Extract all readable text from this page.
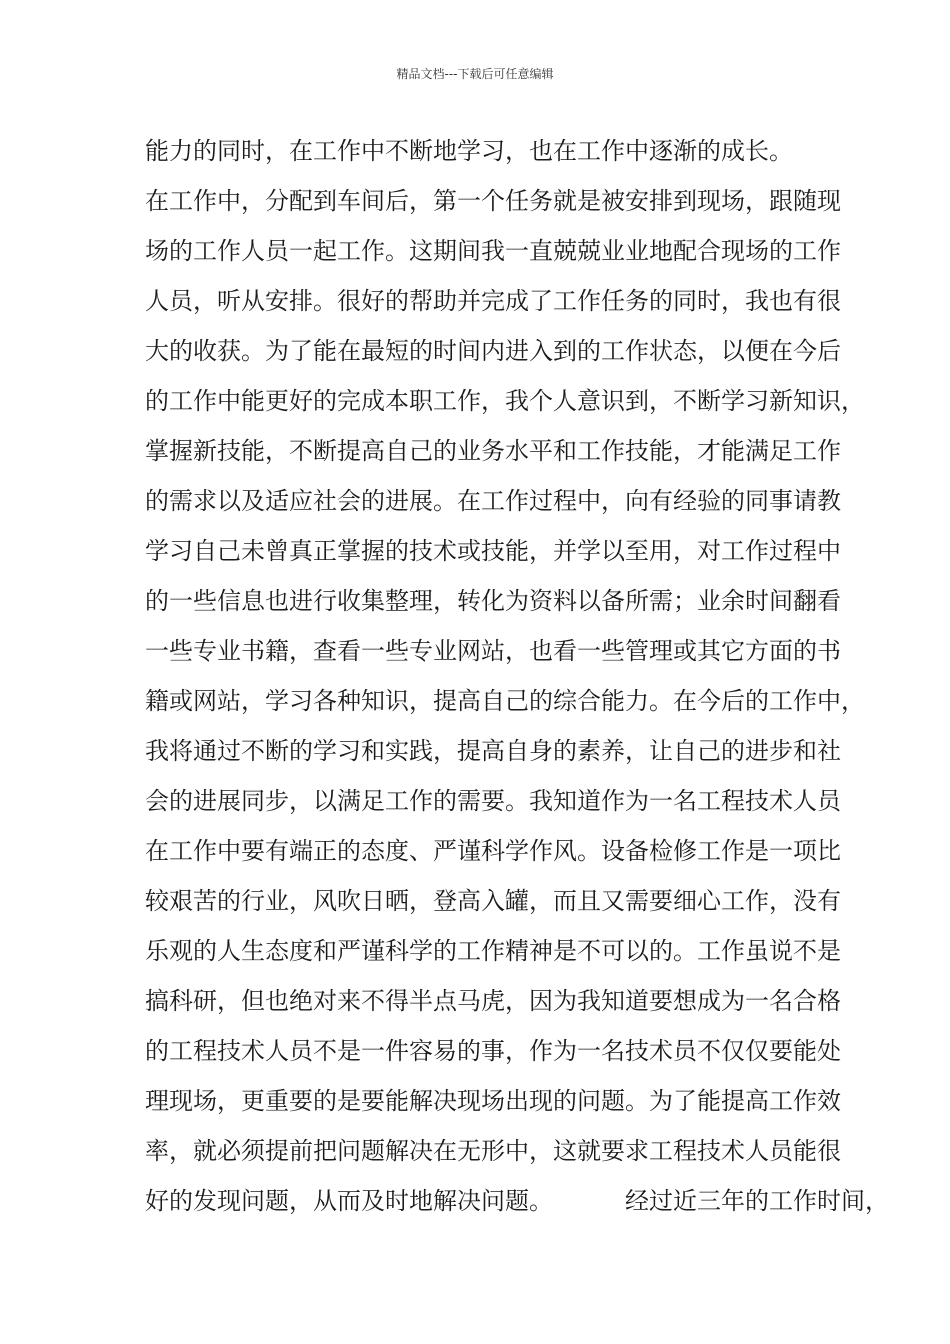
精品文档---下载后可任意编辑
能力的同时，在工作中不断地学习，也在工作中逐渐的成长。
在工作中，分配到车间后，第一个任务就是被安排到现场，跟随现
场的工作人员一起工作。这期间我一直兢兢业业地配合现场的工作
人员，听从安排。很好的帮助并完成了工作任务的同时，我也有很
大的收获。为了能在最短的时间内进入到的工作状态，以便在今后
的工作中能更好的完成本职工作，我个人意识到，不断学习新知识，
掌握新技能，不断提高自己的业务水平和工作技能，才能满足工作
的需求以及适应社会的进展。在工作过程中，向有经验的同事请教
学习自己未曾真正掌握的技术或技能，并学以至用，对工作过程中
的一些信息也进行收集整理，转化为资料以备所需；业余时间翻看
一些专业书籍，查看一些专业网站，也看一些管理或其它方面的书
籍或网站，学习各种知识，提高自己的综合能力。在今后的工作中，
我将通过不断的学习和实践，提高自身的素养，让自己的进步和社
会的进展同步，以满足工作的需要。我知道作为一名工程技术人员
在工作中要有端正的态度、严谨科学作风。设备检修工作是一项比
较艰苦的行业，风吹日晒，登高入罐，而且又需要细心工作，没有
乐观的人生态度和严谨科学的工作精神是不可以的。工作虽说不是
搞科研，但也绝对来不得半点马虎，因为我知道要想成为一名合格
的工程技术人员不是一件容易的事，作为一名技术员不仅仅要能处
理现场，更重要的是要能解决现场出现的问题。为了能提高工作效
率，就必须提前把问题解决在无形中，这就要求工程技术人员能很
好的发现问题，从而及时地解决问题。	经过近三年的工作时间，
